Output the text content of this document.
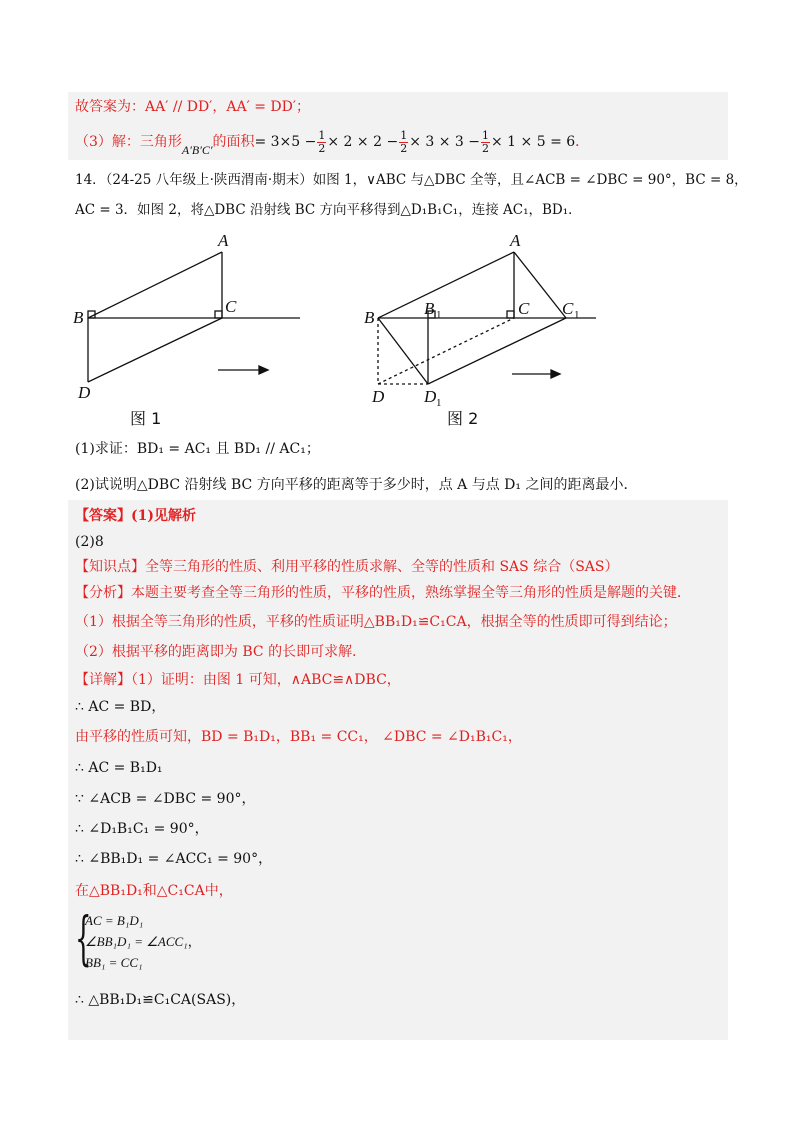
故答案为：AA′ // DD′，AA′ = DD′；
（3）解：三角形A′B′C′的面积= $3\times 5 - \frac{1}{2} \times 2 \times 2 - \frac{1}{2} \times 3 \times 3 - \frac{1}{2} \times 1 \times 5 = 6$．
14．（24-25 八年级上·陕西渭南·期末）如图 1，∨ABC 与△DBC 全等，且∠ACB = ∠DBC = 90°，BC = 8，
AC = 3．如图 2，将△DBC 沿射线 BC 方向平移得到△D₁B₁C₁，连接 AC₁，BD₁．
A
B
C
D
A
B	B 1	C C 1
D D 1
图 1	图 2
(1)求证：BD₁ = AC₁ 且 BD₁ // AC₁；
(2)试说明△DBC 沿射线 BC 方向平移的距离等于多少时，点 A 与点 D₁ 之间的距离最小．
【答案】(1)见解析
(2)8
【知识点】全等三角形的性质、利用平移的性质求解、全等的性质和 SAS 综合（SAS）
【分析】本题主要考查全等三角形的性质，平移的性质，熟练掌握全等三角形的性质是解题的关键．
（1）根据全等三角形的性质，平移的性质证明△BB₁D₁≌C₁CA，根据全等的性质即可得到结论；
（2）根据平移的距离即为 BC 的长即可求解．
【详解】（1）证明：由图 1 可知，∧ABC≌∧DBC，
∴ AC = BD，
由平移的性质可知，BD = B₁D₁，BB₁ = CC₁， ∠DBC = ∠D₁B₁C₁，
∴ AC = B₁D₁
∵ ∠ACB = ∠DBC = 90°，
∴ ∠D₁B₁C₁ = 90°，
∴ ∠BB₁D₁ = ∠ACC₁ = 90°，
在△BB₁D₁和△C₁CA中，
{
AC = B₁D₁
∠BB₁D₁ = ∠ACC₁，
BB₁ = CC₁
∴ △BB₁D₁≌C₁CA(SAS)，
